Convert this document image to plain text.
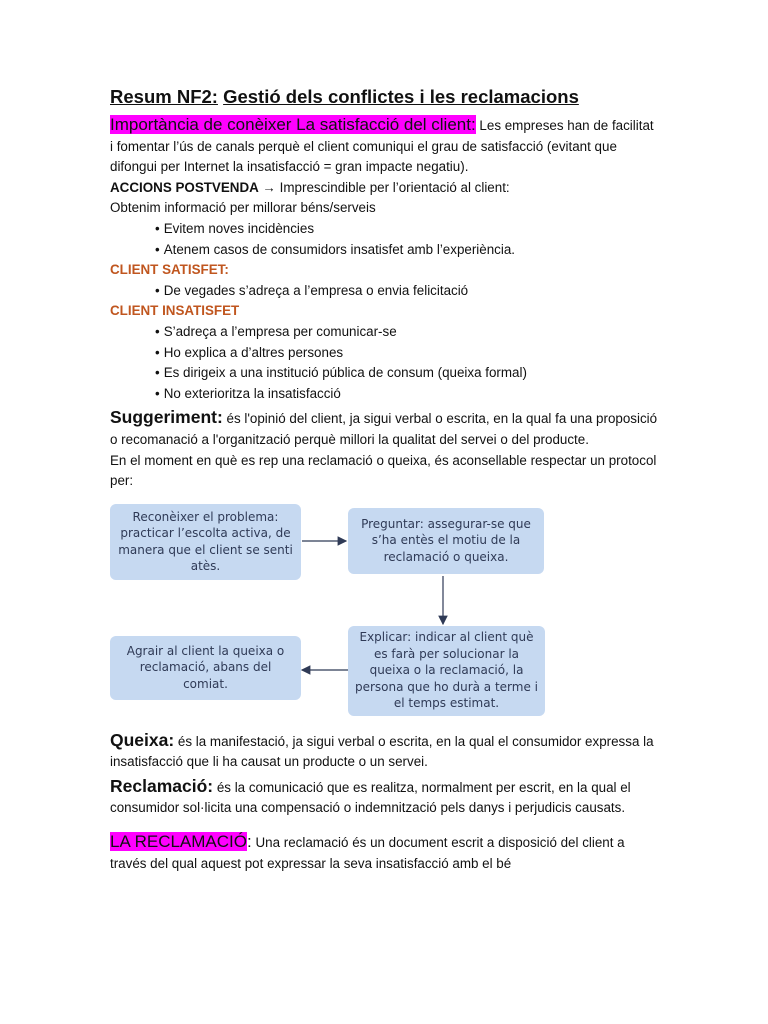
Resum NF2: Gestió dels conflictes i les reclamacions

Importància de conèixer La satisfacció del client: Les empreses han de facilitat i fomentar l’ús de canals perquè el client comuniqui el grau de satisfacció (evitant que difongui per Internet la insatisfacció = gran impacte negatiu).

ACCIONS POSTVENDA → Imprescindible per l’orientació al client:

Obtenim informació per millorar béns/serveis

• Evitem noves incidències
• Atenem casos de consumidors insatisfet amb l’experiència.
CLIENT SATISFET:
• De vegades s’adreça a l’empresa o envia felicitació
CLIENT INSATISFET
• S’adreça a l’empresa per comunicar-se
• Ho explica a d’altres persones
• Es dirigeix a una institució pública de consum (queixa formal)
• No exterioritza la insatisfacció

Suggeriment: és l'opinió del client, ja sigui verbal o escrita, en la qual fa una proposició o recomanació a l'organització perquè millori la qualitat del servei o del producte.

En el moment en què es rep una reclamació o queixa, és aconsellable respectar un protocol per:

Reconèixer el problema: practicar l’escolta activa, de manera que el client se senti atès.
Preguntar: assegurar-se que s’ha entès el motiu de la reclamació o queixa.
Explicar: indicar al client què es farà per solucionar la queixa o la reclamació, la persona que ho durà a terme i el temps estimat.
Agrair al client la queixa o reclamació, abans del comiat.

Queixa: és la manifestació, ja sigui verbal o escrita, en la qual el consumidor expressa la insatisfacció que li ha causat un producte o un servei.

Reclamació: és la comunicació que es realitza, normalment per escrit, en la qual el consumidor sol·licita una compensació o indemnització pels danys i perjudicis causats.

LA RECLAMACIÓ: Una reclamació és un document escrit a disposició del client a través del qual aquest pot expressar la seva insatisfacció amb el bé
